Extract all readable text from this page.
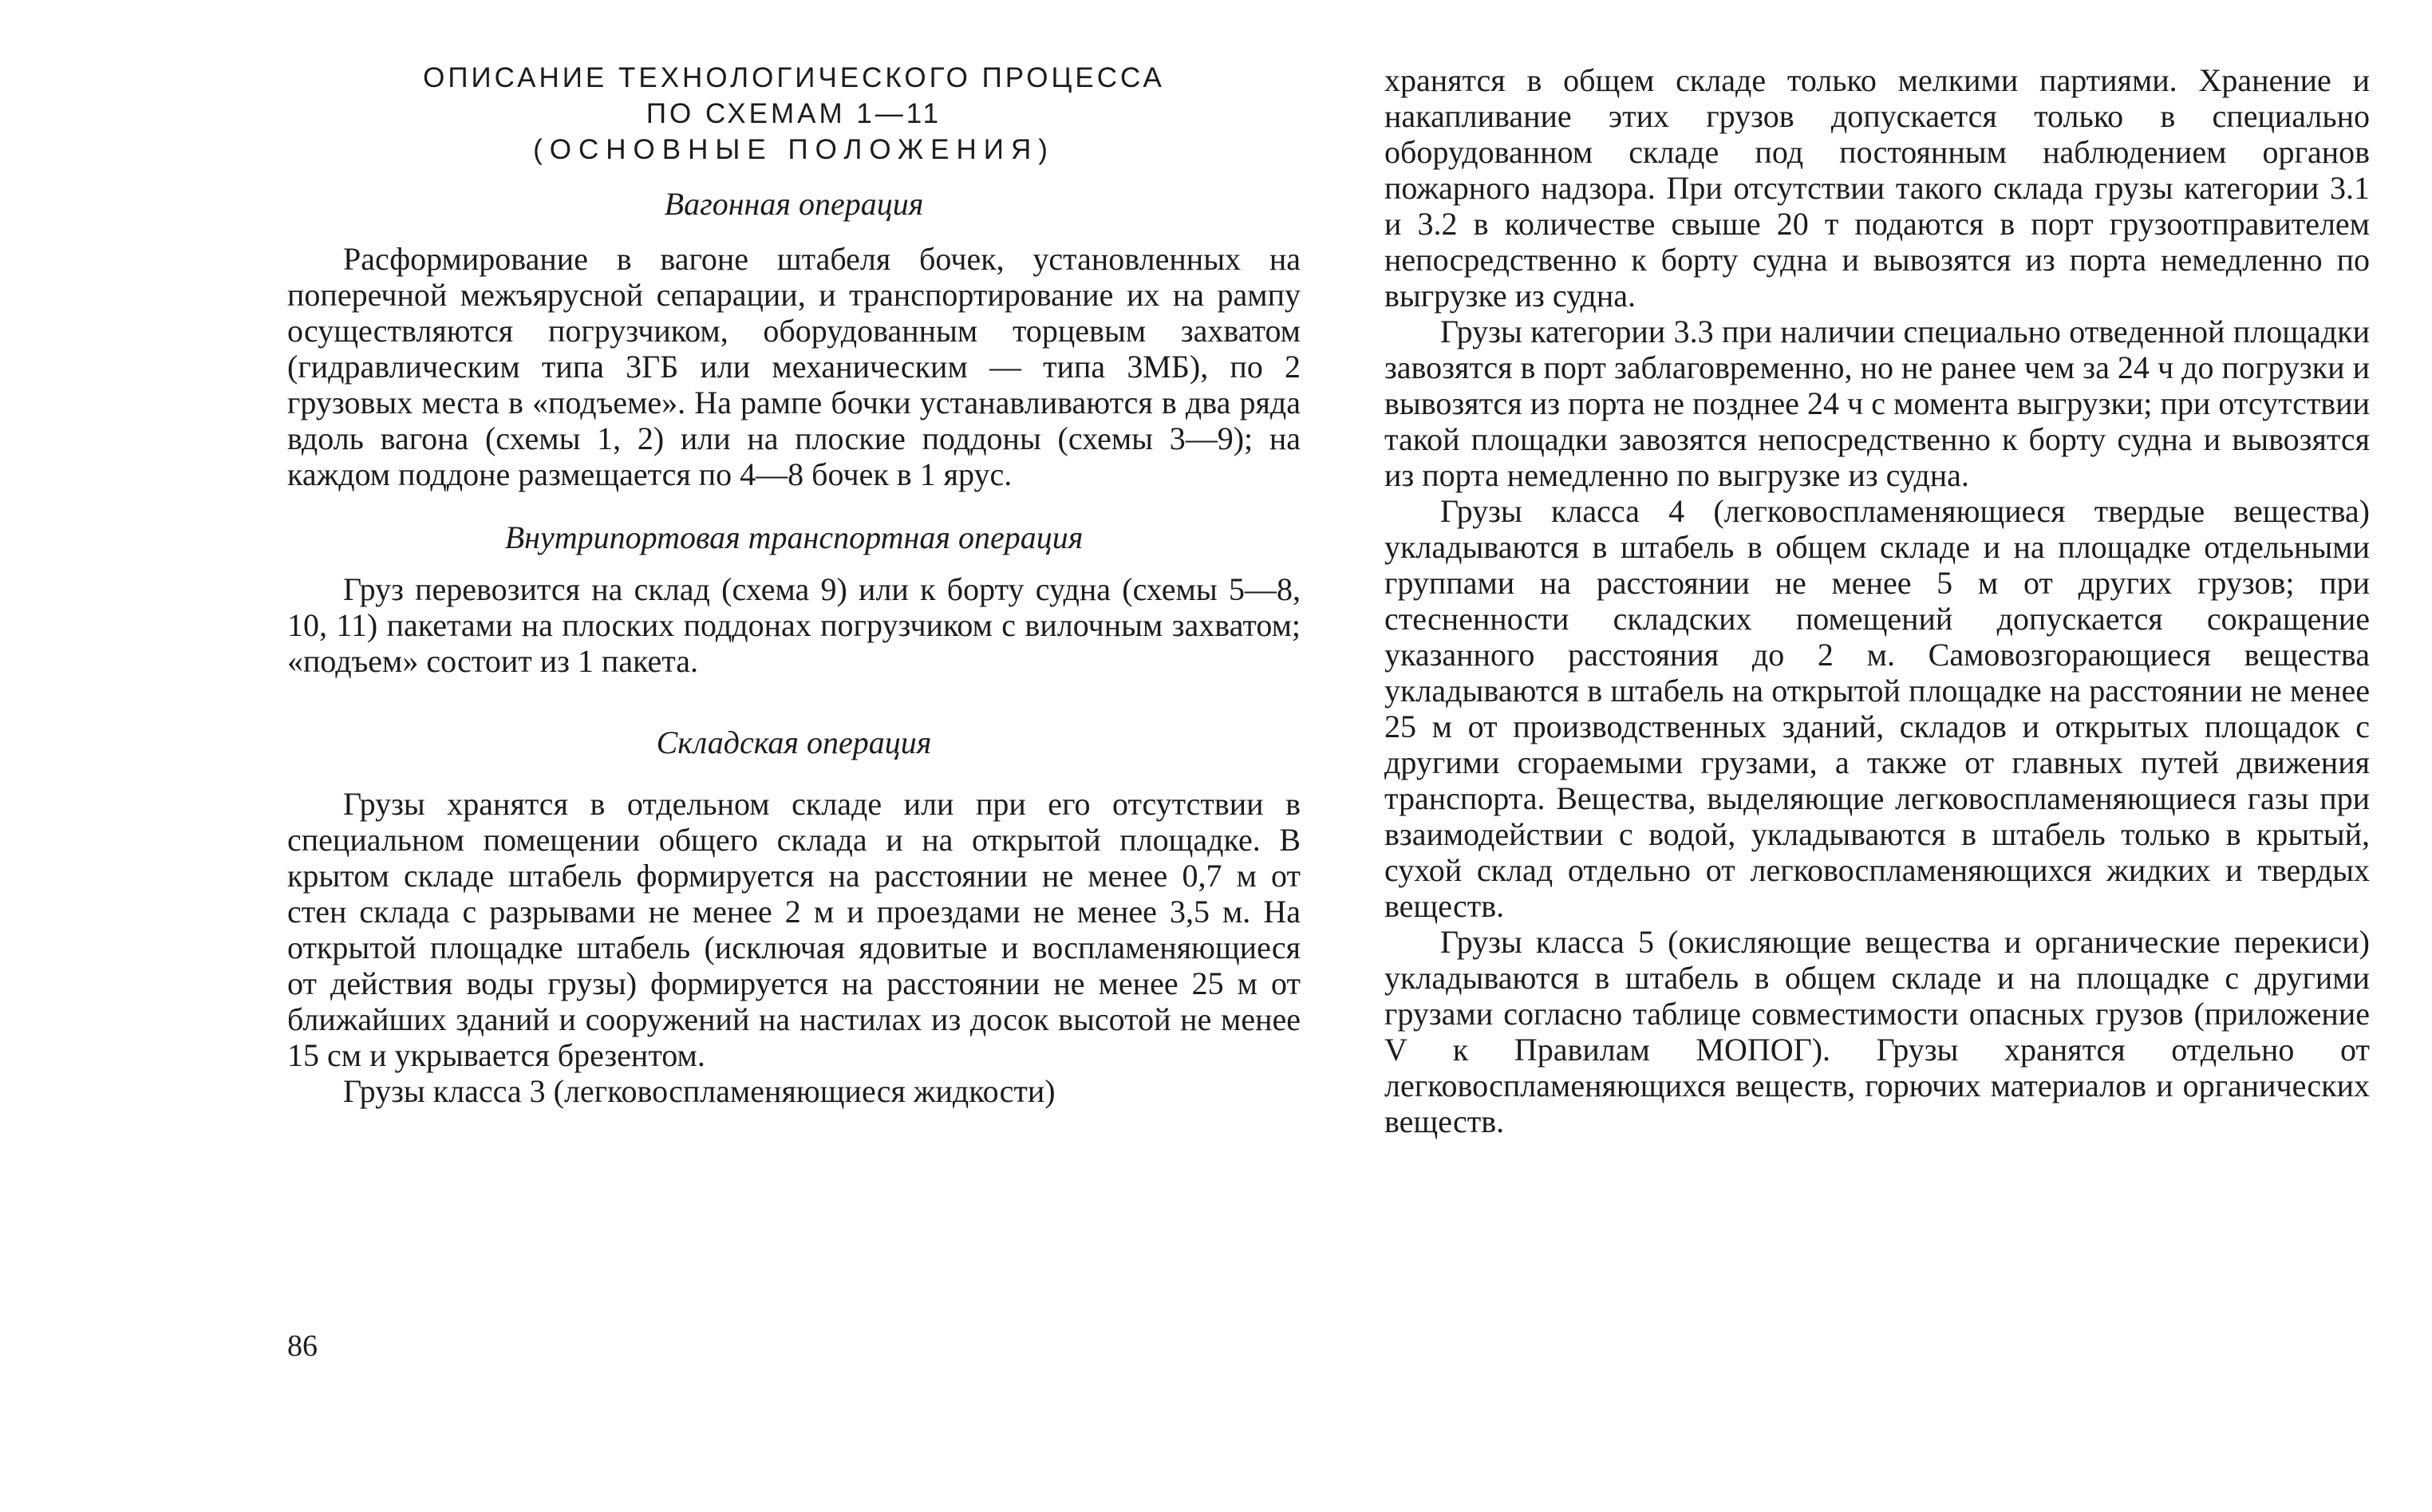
ОПИСАНИЕ ТЕХНОЛОГИЧЕСКОГО ПРОЦЕССА

ПО СХЕМАМ 1—11

(ОСНОВНЫЕ ПОЛОЖЕНИЯ)

Вагонная операция

Расформирование в вагоне штабеля бочек, установленных на поперечной межъярусной сепарации, и транспортирование их на рампу осуществляются погрузчиком, оборудованным торцевым захватом (гидравлическим типа 3ГБ или механическим — типа 3МБ), по 2 грузовых места в «подъеме». На рампе бочки устанавливаются в два ряда вдоль вагона (схемы 1, 2) или на плоские поддоны (схемы 3—9); на каждом поддоне размещается по 4—8 бочек в 1 ярус.

Внутрипортовая транспортная операция

Груз перевозится на склад (схема 9) или к борту судна (схемы 5—8, 10, 11) пакетами на плоских поддонах погрузчиком с вилочным захватом; «подъем» состоит из 1 пакета.

Складская операция

Грузы хранятся в отдельном складе или при его отсутствии в специальном помещении общего склада и на открытой площадке. В крытом складе штабель формируется на расстоянии не менее 0,7 м от стен склада с разрывами не менее 2 м и проездами не менее 3,5 м. На открытой площадке штабель (исключая ядовитые и воспламеняющиеся от действия воды грузы) формируется на расстоянии не менее 25 м от ближайших зданий и сооружений на настилах из досок высотой не менее 15 см и укрывается брезентом.

Грузы класса 3 (легковоспламеняющиеся жидкости)

86

хранятся в общем складе только мелкими партиями. Хранение и накапливание этих грузов допускается только в специально оборудованном складе под постоянным наблюдением органов пожарного надзора. При отсутствии такого склада грузы категории 3.1 и 3.2 в количестве свыше 20 т подаются в порт грузоотправителем непосредственно к борту судна и вывозятся из порта немедленно по выгрузке из судна.

Грузы категории 3.3 при наличии специально отведенной площадки завозятся в порт заблаговременно, но не ранее чем за 24 ч до погрузки и вывозятся из порта не позднее 24 ч с момента выгрузки; при отсутствии такой площадки завозятся непосредственно к борту судна и вывозятся из порта немедленно по выгрузке из судна.

Грузы класса 4 (легковоспламеняющиеся твердые вещества) укладываются в штабель в общем складе и на площадке отдельными группами на расстоянии не менее 5 м от других грузов; при стесненности складских помещений допускается сокращение указанного расстояния до 2 м. Самовозгорающиеся вещества укладываются в штабель на открытой площадке на расстоянии не менее 25 м от производственных зданий, складов и открытых площадок с другими сгораемыми грузами, а также от главных путей движения транспорта. Вещества, выделяющие легковоспламеняющиеся газы при взаимодействии с водой, укладываются в штабель только в крытый, сухой склад отдельно от легковоспламеняющихся жидких и твердых веществ.

Грузы класса 5 (окисляющие вещества и органические перекиси) укладываются в штабель в общем складе и на площадке с другими грузами согласно таблице совместимости опасных грузов (приложение V к Правилам МОПОГ). Грузы хранятся отдельно от легковоспламеняющихся веществ, горючих материалов и органических веществ.
